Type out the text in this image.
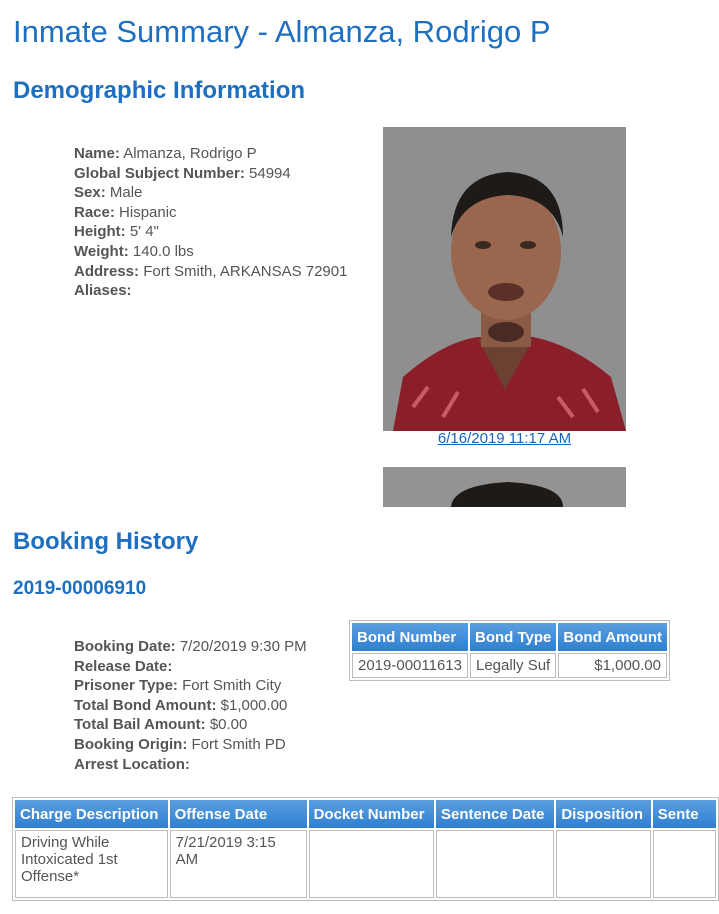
Inmate Summary - Almanza, Rodrigo P
Demographic Information
Name: Almanza, Rodrigo P
Global Subject Number: 54994
Sex: Male
Race: Hispanic
Height: 5' 4"
Weight: 140.0 lbs
Address: Fort Smith, ARKANSAS 72901
Aliases:
6/16/2019 11:17 AM
Booking History
2019-00006910
Booking Date: 7/20/2019 9:30 PM
Release Date:
Prisoner Type: Fort Smith City
Total Bond Amount: $1,000.00
Total Bail Amount: $0.00
Booking Origin: Fort Smith PD
Arrest Location:
Bond Number	Bond Type	Bond Amount
2019-00011613	Legally Suf	$1,000.00
Charge Description	Offense Date	Docket Number	Sentence Date	Disposition	Sente
Driving While Intoxicated 1st Offense*	7/21/2019 3:15 AM				
